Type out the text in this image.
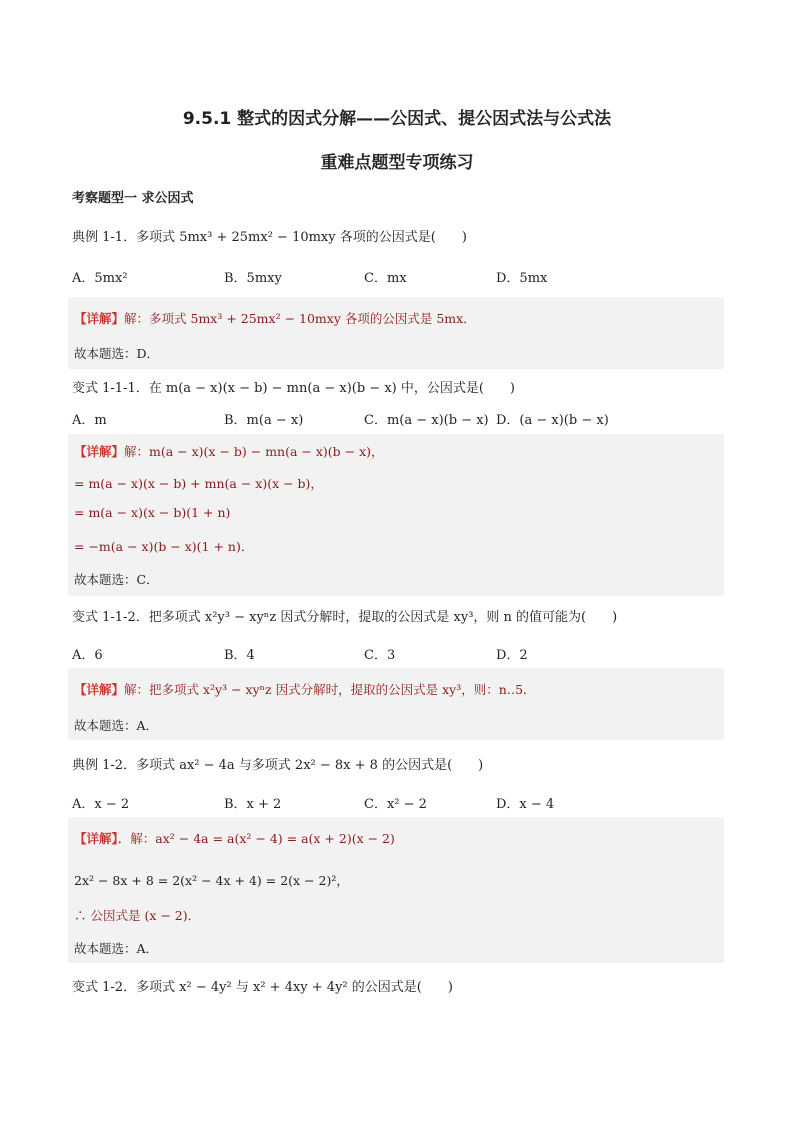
9.5.1 整式的因式分解——公因式、提公因式法与公式法
重难点题型专项练习
考察题型一 求公因式
典例 1-1．多项式 5mx³ + 25mx² − 10mxy 各项的公因式是(　　)
A．5mx²	B．5mxy	C．mx	D．5mx
【详解】解：多项式 5mx³ + 25mx² − 10mxy 各项的公因式是 5mx．
故本题选：D．
变式 1-1-1．在 m(a − x)(x − b) − mn(a − x)(b − x) 中，公因式是(　　)
A．m	B．m(a − x)	C．m(a − x)(b − x) D．(a − x)(b − x)
【详解】解：m(a − x)(x − b) − mn(a − x)(b − x)，
= m(a − x)(x − b) + mn(a − x)(x − b)，
= m(a − x)(x − b)(1 + n)
= −m(a − x)(b − x)(1 + n)．
故本题选：C．
变式 1-1-2．把多项式 x²y³ − xyⁿz 因式分解时，提取的公因式是 xy³，则 n 的值可能为(　　)
A．6	B．4	C．3	D．2
【详解】解：把多项式 x²y³ − xyⁿz 因式分解时，提取的公因式是 xy³，则：n‥5．
故本题选：A．
典例 1-2．多项式 ax² − 4a 与多项式 2x² − 8x + 8 的公因式是(　　)
A．x − 2	B．x + 2	C．x² − 2	D．x − 4
【详解】．解：ax² − 4a = a(x² − 4) = a(x + 2)(x − 2)
2x² − 8x + 8 = 2(x² − 4x + 4) = 2(x − 2)²，
∴ 公因式是 (x − 2)．
故本题选：A．
变式 1-2．多项式 x² − 4y² 与 x² + 4xy + 4y² 的公因式是(　　)
